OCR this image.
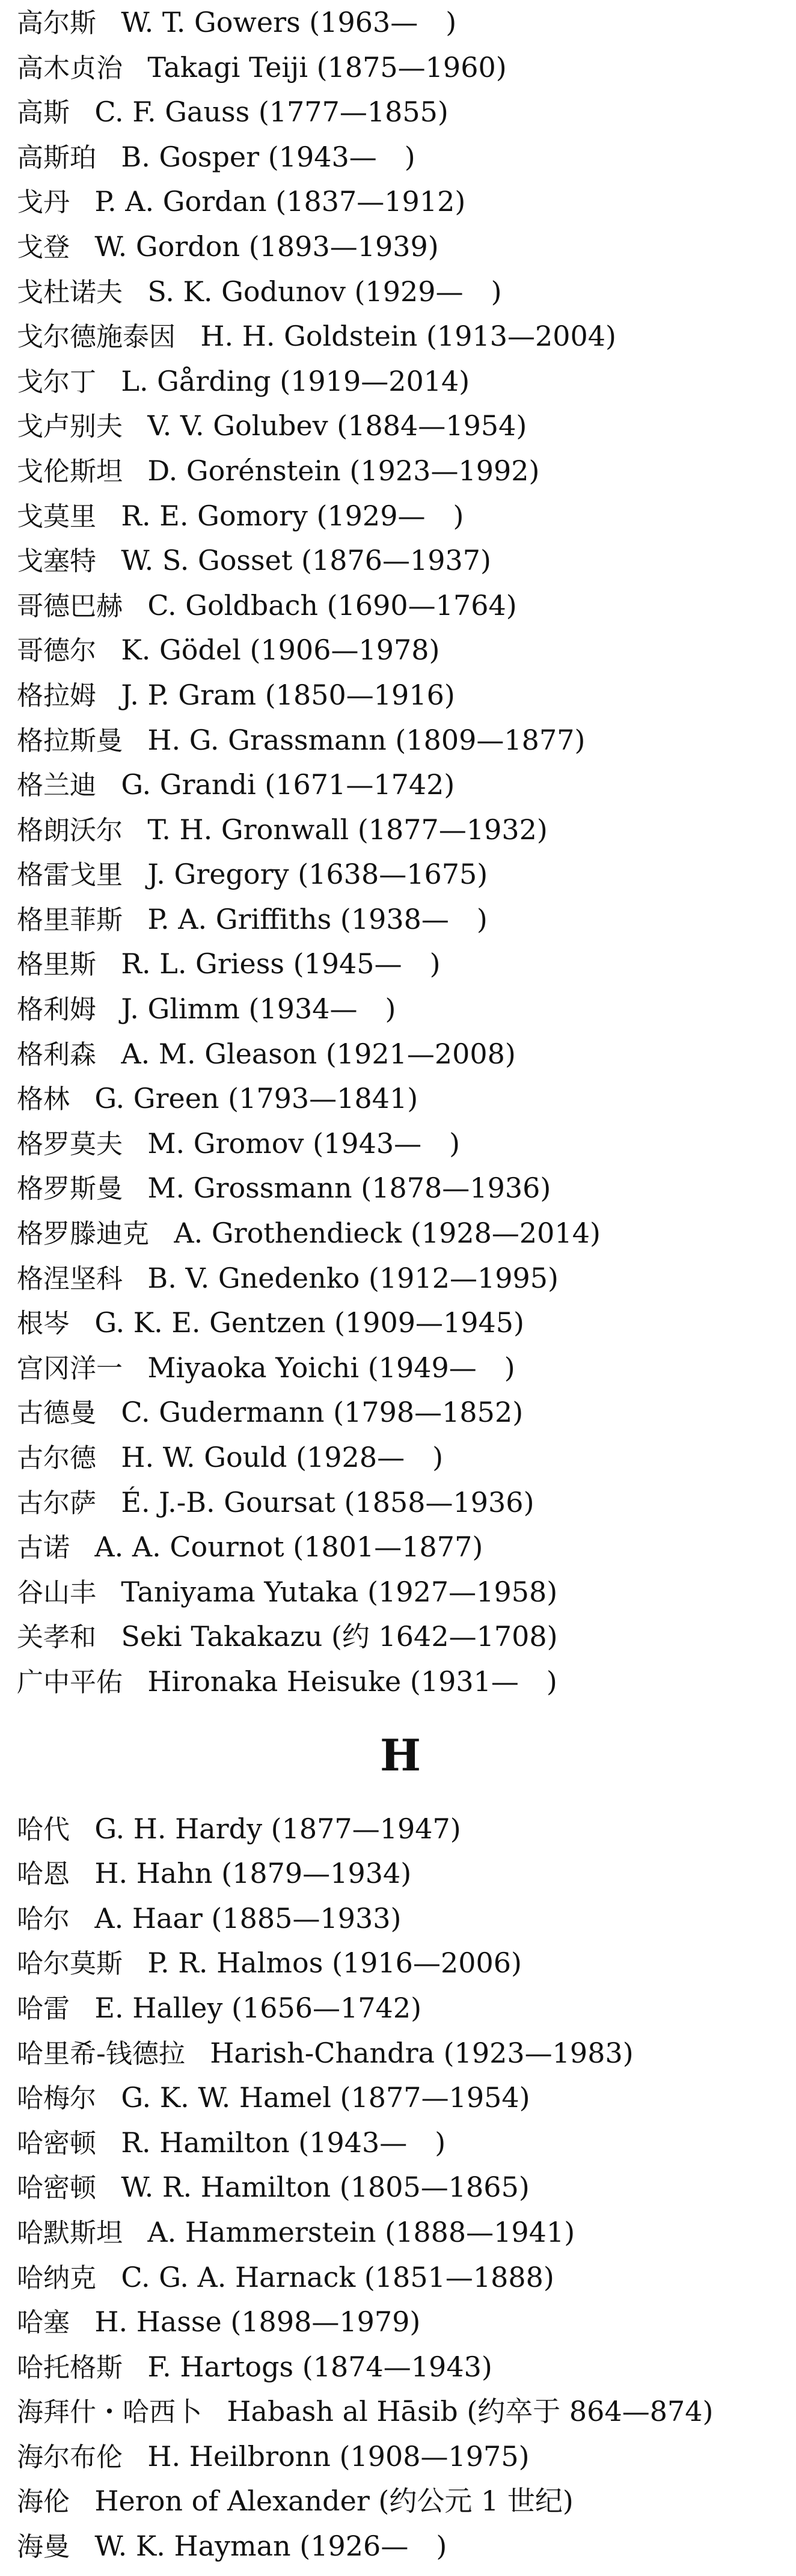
高尔斯 W. T. Gowers (1963—　)
高木贞治 Takagi Teiji (1875—1960)
高斯 C. F. Gauss (1777—1855)
高斯珀 B. Gosper (1943—　)
戈丹 P. A. Gordan (1837—1912)
戈登 W. Gordon (1893—1939)
戈杜诺夫 S. K. Godunov (1929—　)
戈尔德施泰因 H. H. Goldstein (1913—2004)
戈尔丁 L. Gårding (1919—2014)
戈卢别夫 V. V. Golubev (1884—1954)
戈伦斯坦 D. Gorénstein (1923—1992)
戈莫里 R. E. Gomory (1929—　)
戈塞特 W. S. Gosset (1876—1937)
哥德巴赫 C. Goldbach (1690—1764)
哥德尔 K. Gödel (1906—1978)
格拉姆 J. P. Gram (1850—1916)
格拉斯曼 H. G. Grassmann (1809—1877)
格兰迪 G. Grandi (1671—1742)
格朗沃尔 T. H. Gronwall (1877—1932)
格雷戈里 J. Gregory (1638—1675)
格里菲斯 P. A. Griffiths (1938—　)
格里斯 R. L. Griess (1945—　)
格利姆 J. Glimm (1934—　)
格利森 A. M. Gleason (1921—2008)
格林 G. Green (1793—1841)
格罗莫夫 M. Gromov (1943—　)
格罗斯曼 M. Grossmann (1878—1936)
格罗滕迪克 A. Grothendieck (1928—2014)
格涅坚科 B. V. Gnedenko (1912—1995)
根岑 G. K. E. Gentzen (1909—1945)
宫冈洋一 Miyaoka Yoichi (1949—　)
古德曼 C. Gudermann (1798—1852)
古尔德 H. W. Gould (1928—　)
古尔萨 É. J.-B. Goursat (1858—1936)
古诺 A. A. Cournot (1801—1877)
谷山丰 Taniyama Yutaka (1927—1958)
关孝和 Seki Takakazu (约 1642—1708)
广中平佑 Hironaka Heisuke (1931—　)
H
哈代 G. H. Hardy (1877—1947)
哈恩 H. Hahn (1879—1934)
哈尔 A. Haar (1885—1933)
哈尔莫斯 P. R. Halmos (1916—2006)
哈雷 E. Halley (1656—1742)
哈里希-钱德拉 Harish-Chandra (1923—1983)
哈梅尔 G. K. W. Hamel (1877—1954)
哈密顿 R. Hamilton (1943—　)
哈密顿 W. R. Hamilton (1805—1865)
哈默斯坦 A. Hammerstein (1888—1941)
哈纳克 C. G. A. Harnack (1851—1888)
哈塞 H. Hasse (1898—1979)
哈托格斯 F. Hartogs (1874—1943)
海拜什・哈西卜 Habash al Hāsib (约卒于 864—874)
海尔布伦 H. Heilbronn (1908—1975)
海伦 Heron of Alexander (约公元 1 世纪)
海曼 W. K. Hayman (1926—　)
